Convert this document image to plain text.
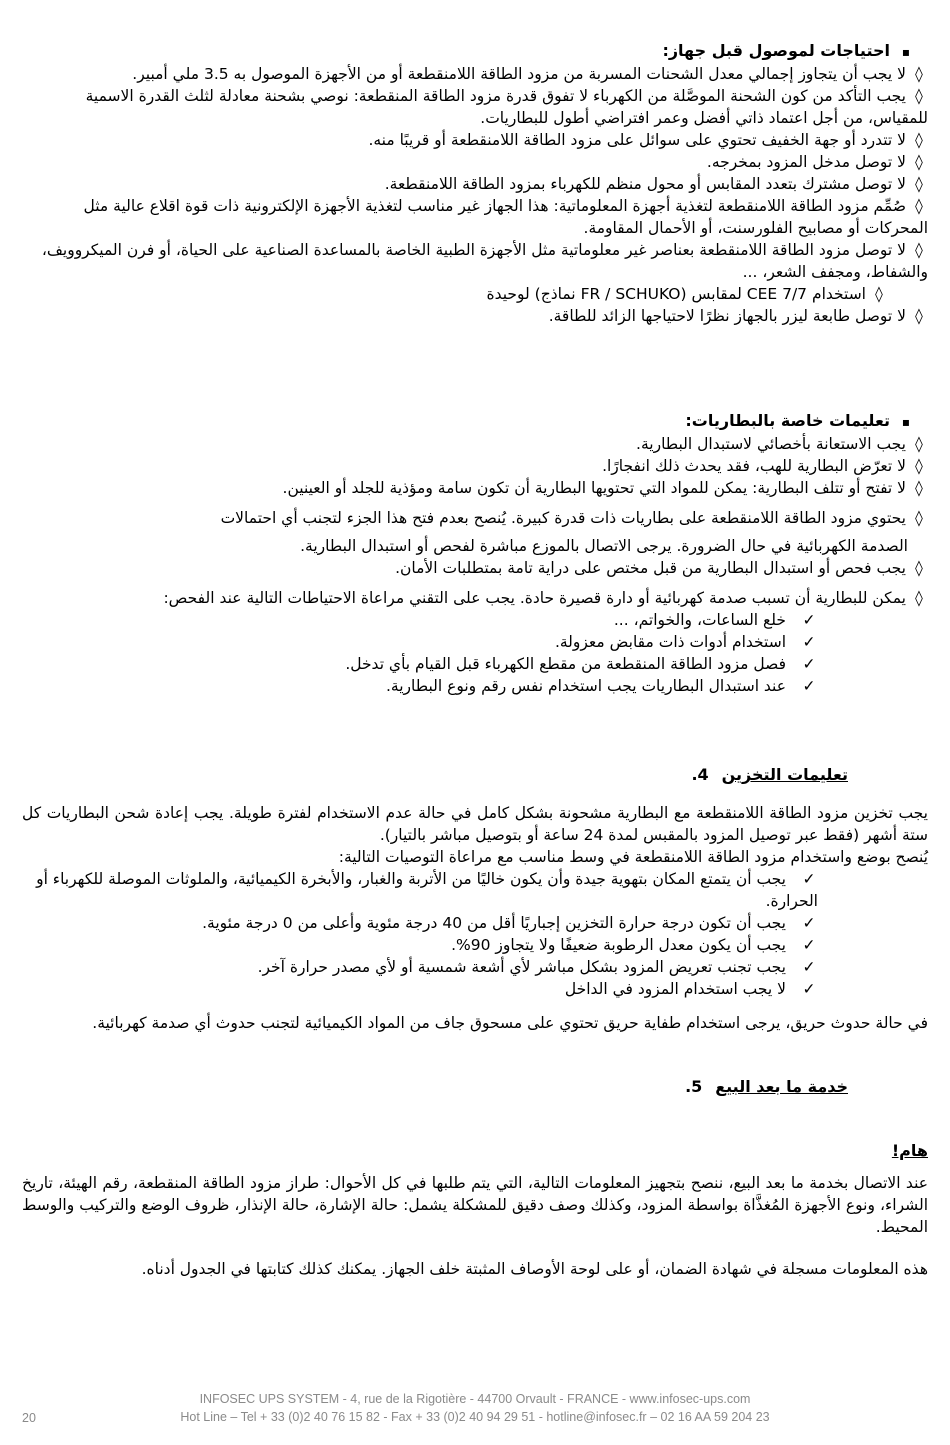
▪احتياجات لموصول قبل جهاز:

◊لا يجب أن يتجاوز إجمالي معدل الشحنات المسربة من مزود الطاقة اللامنقطعة أو من الأجهزة الموصول به 3.5 ملي أمبير.

◊يجب التأكد من كون الشحنة الموصَّلة من الكهرباء لا تفوق قدرة مزود الطاقة المنقطعة: نوصي بشحنة معادلة لثلث القدرة الاسمية للمقياس، من أجل اعتماد ذاتي أفضل وعمر افتراضي أطول للبطاريات.

◊لا تتدرد أو جهة الخفيف تحتوي على سوائل على مزود الطاقة اللامنقطعة أو قريبًا منه.

◊لا توصل مدخل المزود بمخرجه.

◊لا توصل مشترك بتعدد المقابس أو محول منظم للكهرباء بمزود الطاقة اللامنقطعة.

◊صُمِّم مزود الطاقة اللامنقطعة لتغذية أجهزة المعلوماتية: هذا الجهاز غير مناسب لتغذية الأجهزة الإلكترونية ذات قوة اقلاع عالية مثل المحركات أو مصابيح الفلورسنت، أو الأحمال المقاومة.

◊لا توصل مزود الطاقة اللامنقطعة بعناصر غير معلوماتية مثل الأجهزة الطبية الخاصة بالمساعدة الصناعية على الحياة، أو فرن الميكروويف، والشفاط، ومجفف الشعر، ...

◊استخدام CEE 7/7 لمقابس (FR / SCHUKO نماذج) لوحيدة

◊لا توصل طابعة ليزر بالجهاز نظرًا لاحتياجها الزائد للطاقة.

▪تعليمات خاصة بالبطاريات:

◊يجب الاستعانة بأخصائي لاستبدال البطارية.

◊لا تعرّض البطارية للهب، فقد يحدث ذلك انفجارًا.

◊لا تفتح أو تتلف البطارية: يمكن للمواد التي تحتويها البطارية أن تكون سامة ومؤذية للجلد أو العينين.

◊يحتوي مزود الطاقة اللامنقطعة على بطاريات ذات قدرة كبيرة. يُنصح بعدم فتح هذا الجزء لتجنب أي احتمالات

الصدمة الكهربائية في حال الضرورة. يرجى الاتصال بالموزع مباشرة لفحص أو استبدال البطارية.

◊يجب فحص أو استبدال البطارية من قبل مختص على دراية تامة بمتطلبات الأمان.

◊يمكن للبطارية أن تسبب صدمة كهربائية أو دارة قصيرة حادة. يجب على التقني مراعاة الاحتياطات التالية عند الفحص:

✓خلع الساعات، والخواتم، ...

✓استخدام أدوات ذات مقابض معزولة.

✓فصل مزود الطاقة المنقطعة من مقطع الكهرباء قبل القيام بأي تدخل.

✓عند استبدال البطاريات يجب استخدام نفس رقم ونوع البطارية.

تعليمات التخزين 4.

يجب تخزين مزود الطاقة اللامنقطعة مع البطارية مشحونة بشكل كامل في حالة عدم الاستخدام لفترة طويلة. يجب إعادة شحن البطاريات كل ستة أشهر (فقط عبر توصيل المزود بالمقبس لمدة 24 ساعة أو بتوصيل مباشر بالتيار).

يُنصح بوضع واستخدام مزود الطاقة اللامنقطعة في وسط مناسب مع مراعاة التوصيات التالية:

✓يجب أن يتمتع المكان بتهوية جيدة وأن يكون خاليًا من الأتربة والغبار، والأبخرة الكيميائية، والملوثات الموصلة للكهرباء أو الحرارة.

✓يجب أن تكون درجة حرارة التخزين إجباريًا أقل من 40 درجة مئوية وأعلى من 0 درجة مئوية.

✓يجب أن يكون معدل الرطوبة ضعيفًا ولا يتجاوز 90%.

✓يجب تجنب تعريض المزود بشكل مباشر لأي أشعة شمسية أو لأي مصدر حرارة آخر.

✓لا يجب استخدام المزود في الداخل

في حالة حدوث حريق، يرجى استخدام طفاية حريق تحتوي على مسحوق جاف من المواد الكيميائية لتجنب حدوث أي صدمة كهربائية.

خدمة ما بعد البيع 5.
هام!

عند الاتصال بخدمة ما بعد البيع، ننصح بتجهيز المعلومات التالية، التي يتم طلبها في كل الأحوال: طراز مزود الطاقة المنقطعة، رقم الهيئة، تاريخ الشراء، ونوع الأجهزة المُغذَّاة بواسطة المزود، وكذلك وصف دقيق للمشكلة يشمل: حالة الإشارة، حالة الإنذار، ظروف الوضع والتركيب والوسط المحيط.

هذه المعلومات مسجلة في شهادة الضمان، أو على لوحة الأوصاف المثبتة خلف الجهاز. يمكنك كذلك كتابتها في الجدول أدناه.

INFOSEC UPS SYSTEM - 4, rue de la Rigotière - 44700 Orvault - FRANCE - www.infosec-ups.com
Hot Line – Tel + 33 (0)2 40 76 15 82 - Fax + 33 (0)2 40 94 29 51 - hotline@infosec.fr – 02 16 AA 59 204 23
20
